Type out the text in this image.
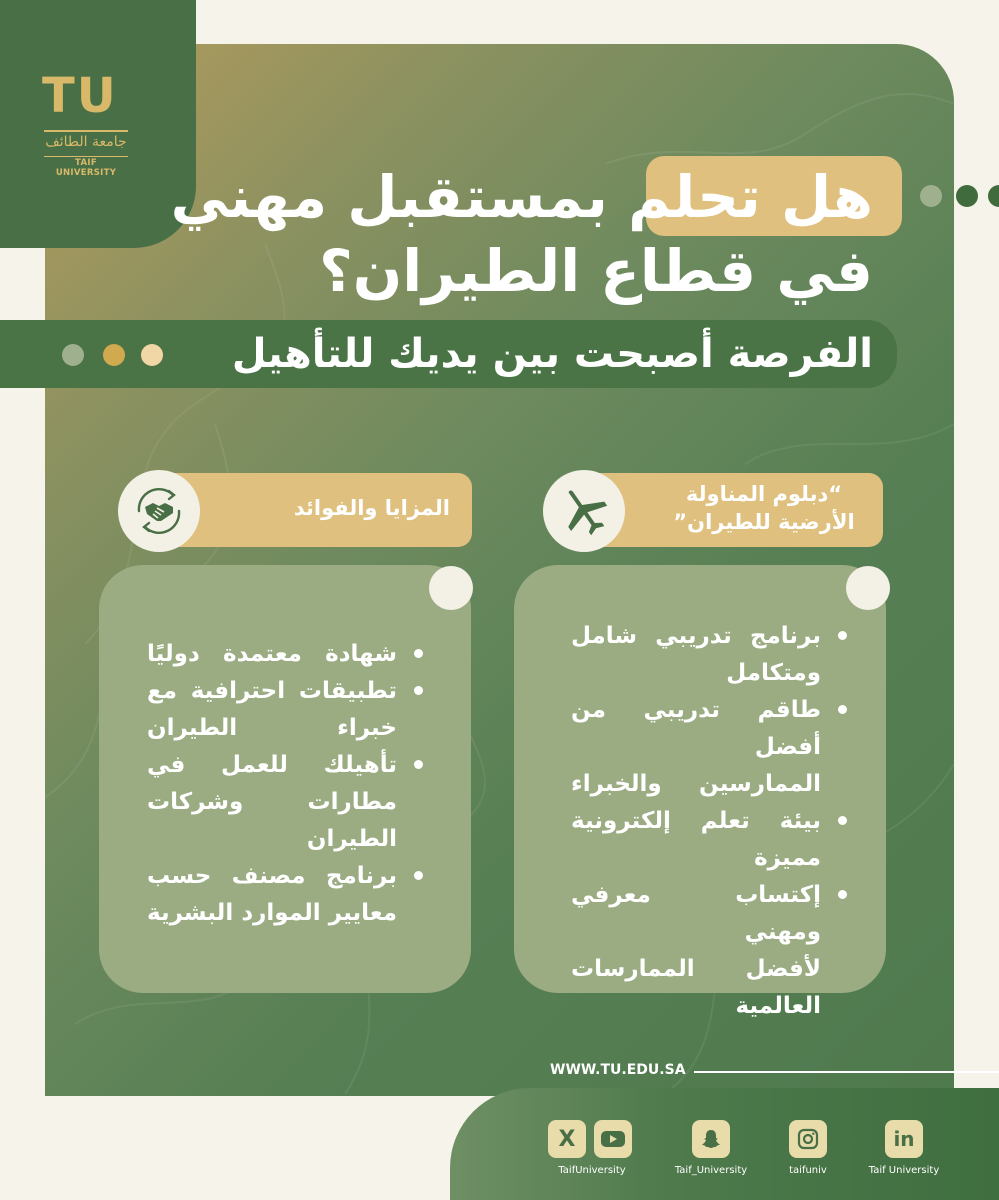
TU
جامعة الطائف
TAIF UNIVERSITY	هل تحلم بمستقبل مهني
في قطاع الطيران؟
الفرصة أصبحت بين يديك للتأهيل
“دبلوم المناولة
الأرضية للطيران”
المزايا والفوائد
برنامج تدريبي شامل
ومتكامل
طاقم تدريبي من أفضل
الممارسين والخبراء
بيئة تعلم إلكترونية
مميزة
إكتساب معرفي ومهني
لأفضل الممارسات
العالمية
شهادة معتمدة دوليًا
تطبيقات احترافية مع
خبراء الطيران
تأهيلك للعمل في
مطارات وشركات
الطيران
برنامج مصنف حسب
معايير الموارد البشرية
WWW.TU.EDU.SA
X
TaifUniversity	Taif_University	taifuniv
in
Taif University
